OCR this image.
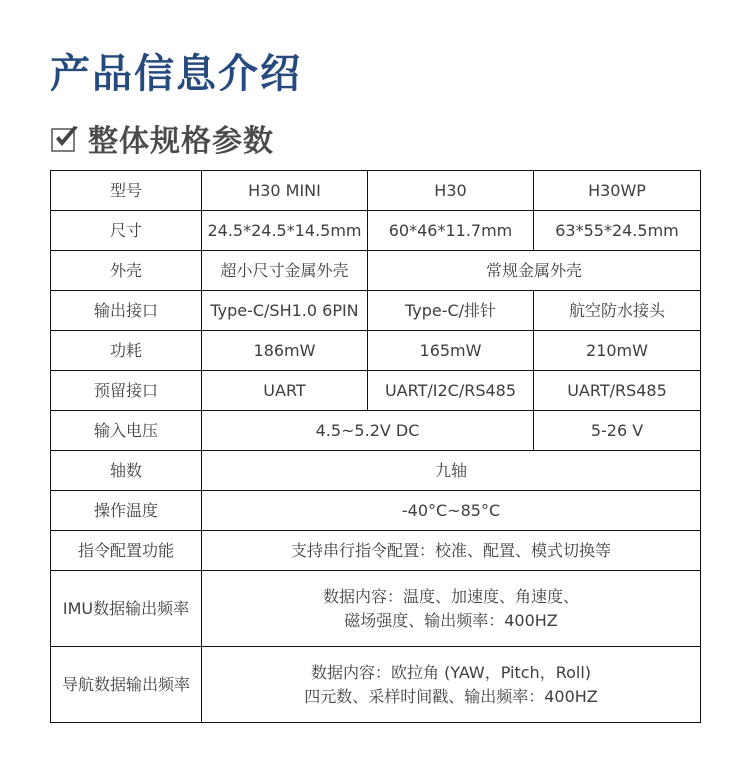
产品信息介绍
整体规格参数
型号	H30 MINI	H30	H30WP
尺寸	24.5*24.5*14.5mm	60*46*11.7mm	63*55*24.5mm
外壳	超小尺寸金属外壳	常规金属外壳	
输出接口	Type-C/SH1.0 6PIN	Type-C/排针	航空防水接头
功耗	186mW	165mW	210mW
预留接口	UART	UART/I2C/RS485	UART/RS485
输入电压	4.5~5.2V DC		5-26 V
轴数	九轴		
操作温度	-40°C~85°C		
指令配置功能	支持串行指令配置：校准、配置、模式切换等		
IMU数据输出频率	数据内容：温度、加速度、角速度、
磁场强度、输出频率：400HZ		

导航数据输出频率	数据内容：欧拉角 (YAW，Pitch，Roll)
四元数、采样时间戳、输出频率：400HZ		
